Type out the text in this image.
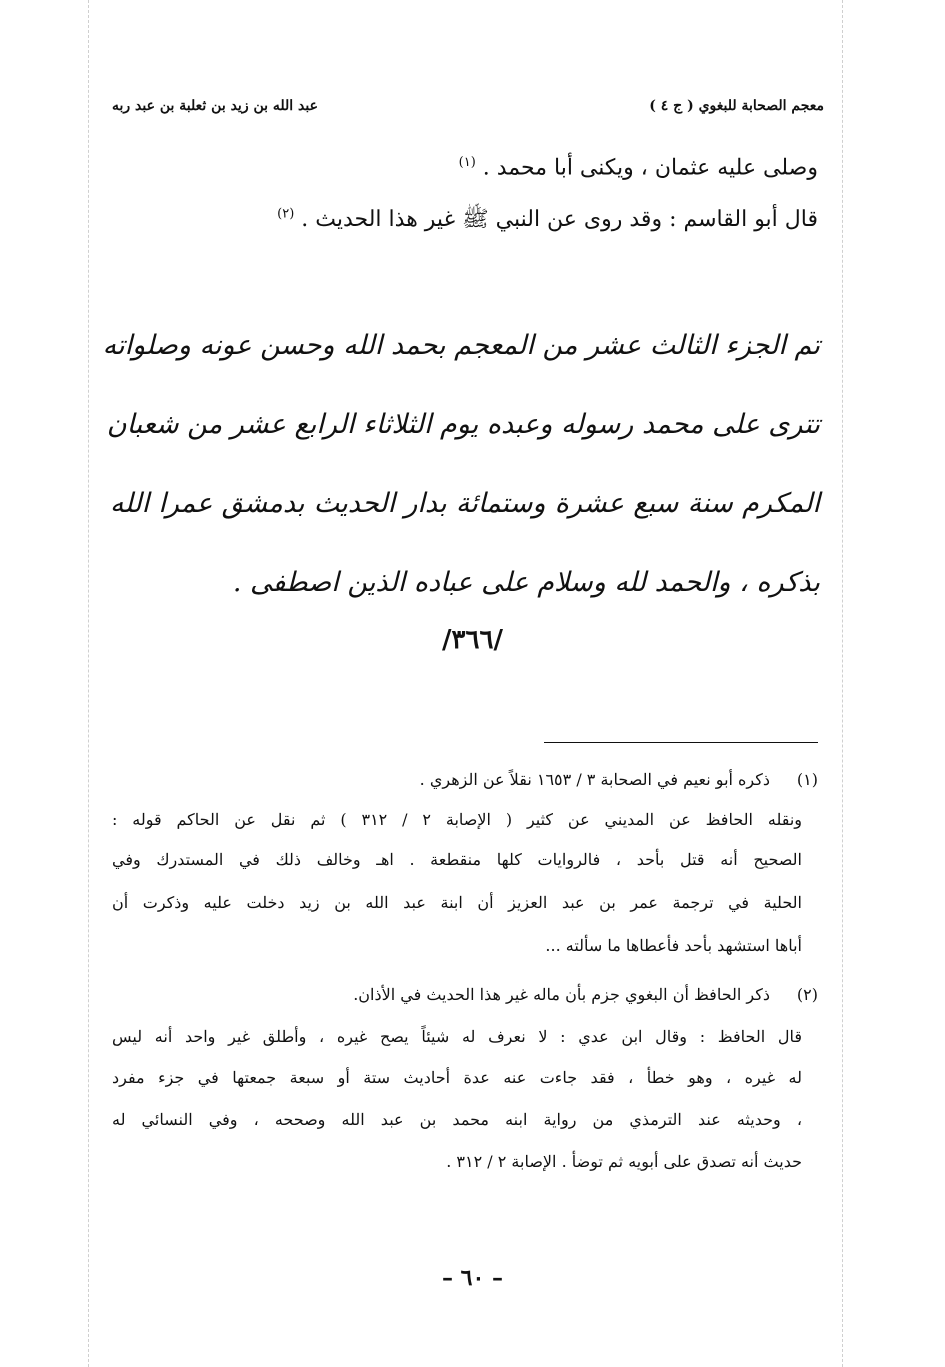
معجم الصحابة للبغوي ( ج ٤ )
عبد الله بن زيد بن ثعلبة بن عبد ربه
وصلى عليه عثمان ، ويكنى أبا محمد . $^{(١)}$
قال أبو القاسم : وقد روى عن النبي ﷺ غير هذا الحديث . $^{(٢)}$
تم الجزء الثالث عشر من المعجم بحمد الله وحسن عونه وصلواته
تترى على محمد رسوله وعبده يوم الثلاثاء الرابع عشر من شعبان
المكرم سنة سبع عشرة وستمائة بدار الحديث بدمشق عمرا الله
بذكره ، والحمد لله وسلام على عباده الذين اصطفى .
/٣٦٦/
(١)
ذكره أبو نعيم في الصحابة ٣ / ١٦٥٣ نقلاً عن الزهري .
ونقله الحافظ عن المديني عن كثير ( الإصابة ٢ / ٣١٢ ) ثم نقل عن الحاكم قوله :
الصحيح أنه قتل بأحد ، فالروايات كلها منقطعة . اهـ وخالف ذلك في المستدرك وفي
الحلية في ترجمة عمر بن عبد العزيز أن ابنة عبد الله بن زيد دخلت عليه وذكرت أن
أباها استشهد بأحد فأعطاها ما سألته ...
(٢)
ذكر الحافظ أن البغوي جزم بأن ماله غير هذا الحديث في الأذان.
قال الحافظ : وقال ابن عدي : لا نعرف له شيئاً يصح غيره ، وأطلق غير واحد أنه ليس
له غيره ، وهو خطأ ، فقد جاءت عنه عدة أحاديث ستة أو سبعة جمعتها في جزء مفرد
، وحديثه عند الترمذي من رواية ابنه محمد بن عبد الله وصححه ، وفي النسائي له
حديث أنه تصدق على أبويه ثم توضأ . الإصابة ٢ / ٣١٢ .
– ٦٠ –
